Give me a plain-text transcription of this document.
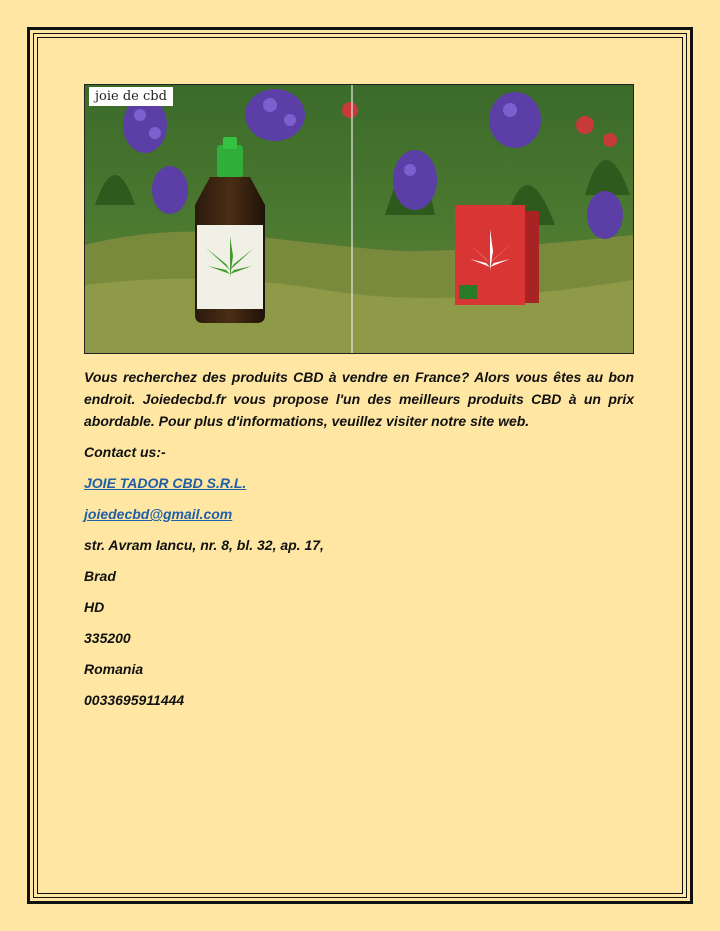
joie de cbd

Vous recherchez des produits CBD à vendre en France? Alors vous êtes au bon endroit. Joiedecbd.fr vous propose l'un des meilleurs produits CBD à un prix abordable. Pour plus d'informations, veuillez visiter notre site web.

Contact us:-

JOIE TADOR CBD S.R.L.

joiedecbd@gmail.com

str. Avram Iancu, nr. 8, bl. 32, ap. 17,

Brad

HD

335200

Romania

0033695911444
